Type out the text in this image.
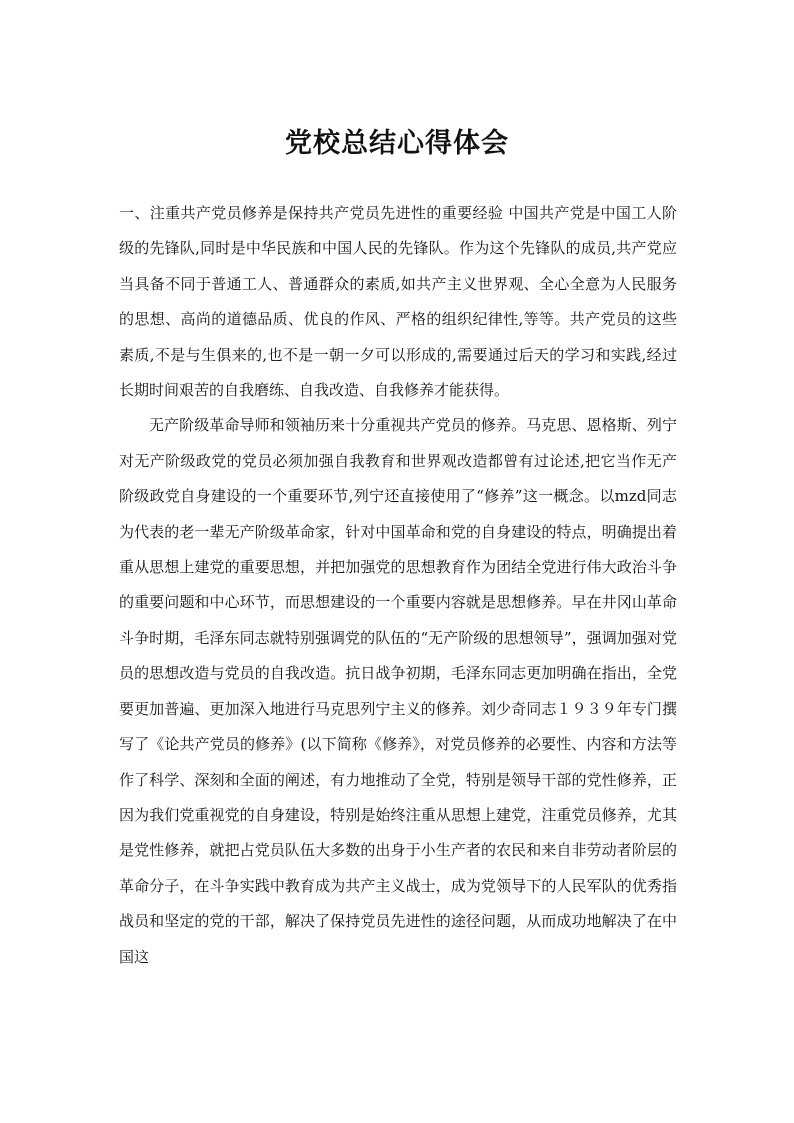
党校总结心得体会

一、注重共产党员修养是保持共产党员先进性的重要经验 中国共产党是中国工人阶级的先锋队,同时是中华民族和中国人民的先锋队。作为这个先锋队的成员,共产党应当具备不同于普通工人、普通群众的素质,如共产主义世界观、全心全意为人民服务的思想、高尚的道德品质、优良的作风、严格的组织纪律性,等等。共产党员的这些素质,不是与生俱来的,也不是一朝一夕可以形成的,需要通过后天的学习和实践,经过长期时间艰苦的自我磨练、自我改造、自我修养才能获得。

无产阶级革命导师和领袖历来十分重视共产党员的修养。马克思、恩格斯、列宁对无产阶级政党的党员必须加强自我教育和世界观改造都曾有过论述,把它当作无产阶级政党自身建设的一个重要环节,列宁还直接使用了“修养”这一概念。以mzd同志为代表的老一辈无产阶级革命家，针对中国革命和党的自身建设的特点，明确提出着重从思想上建党的重要思想，并把加强党的思想教育作为团结全党进行伟大政治斗争的重要问题和中心环节，而思想建设的一个重要内容就是思想修养。早在井冈山革命斗争时期，毛泽东同志就特别强调党的队伍的“无产阶级的思想领导”，强调加强对党员的思想改造与党员的自我改造。抗日战争初期，毛泽东同志更加明确在指出，全党要更加普遍、更加深入地进行马克思列宁主义的修养。刘少奇同志１９３９年专门撰写了《论共产党员的修养》(以下简称《修养》，对党员修养的必要性、内容和方法等作了科学、深刻和全面的阐述，有力地推动了全党，特别是领导干部的党性修养，正因为我们党重视党的自身建设，特别是始终注重从思想上建党，注重党员修养，尤其是党性修养，就把占党员队伍大多数的出身于小生产者的农民和来自非劳动者阶层的革命分子，在斗争实践中教育成为共产主义战士，成为党领导下的人民军队的优秀指战员和坚定的党的干部，解决了保持党员先进性的途径问题，从而成功地解决了在中国这
